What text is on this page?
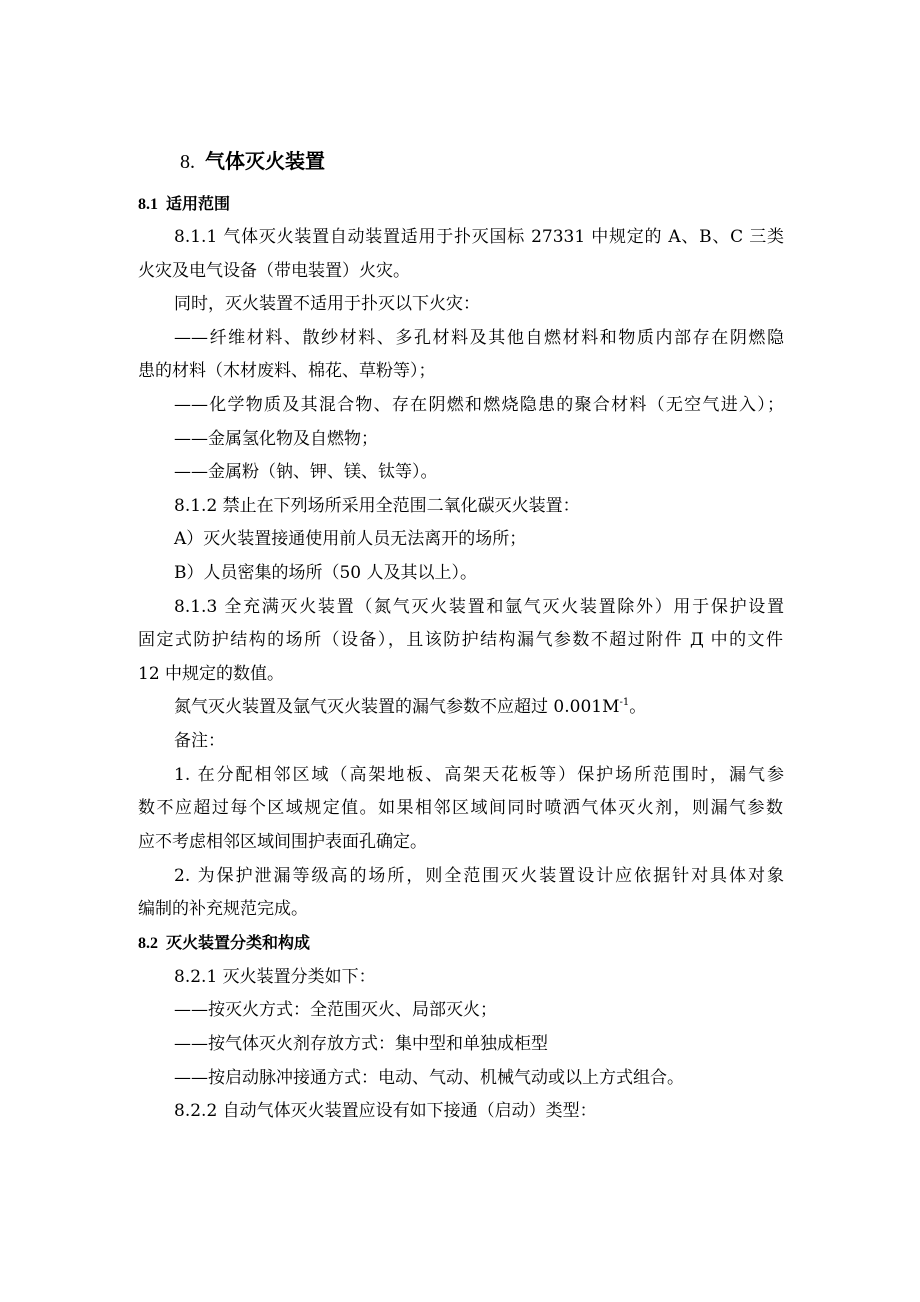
8. 气体灭火装置
8.1 适用范围
8.1.1 气体灭火装置自动装置适用于扑灭国标 27331 中规定的 A、B、C 三类
火灾及电气设备（带电装置）火灾。
同时，灭火装置不适用于扑灭以下火灾：
——纤维材料、散纱材料、多孔材料及其他自燃材料和物质内部存在阴燃隐
患的材料（木材废料、棉花、草粉等）；
——化学物质及其混合物、存在阴燃和燃烧隐患的聚合材料（无空气进入）；
——金属氢化物及自燃物；
——金属粉（钠、钾、镁、钛等）。
8.1.2 禁止在下列场所采用全范围二氧化碳灭火装置：
A）灭火装置接通使用前人员无法离开的场所；
B）人员密集的场所（50 人及其以上）。
8.1.3 全充满灭火装置（氮气灭火装置和氩气灭火装置除外）用于保护设置
固定式防护结构的场所（设备），且该防护结构漏气参数不超过附件 Д 中的文件
12 中规定的数值。
氮气灭火装置及氩气灭火装置的漏气参数不应超过 $0.001M^{-1}$。
备注：
1. 在分配相邻区域（高架地板、高架天花板等）保护场所范围时，漏气参
数不应超过每个区域规定值。如果相邻区域间同时喷洒气体灭火剂，则漏气参数
应不考虑相邻区域间围护表面孔确定。
2. 为保护泄漏等级高的场所，则全范围灭火装置设计应依据针对具体对象
编制的补充规范完成。
8.2 灭火装置分类和构成
8.2.1 灭火装置分类如下：
——按灭火方式：全范围灭火、局部灭火；
——按气体灭火剂存放方式：集中型和单独成柜型
——按启动脉冲接通方式：电动、气动、机械气动或以上方式组合。
8.2.2 自动气体灭火装置应设有如下接通（启动）类型：
